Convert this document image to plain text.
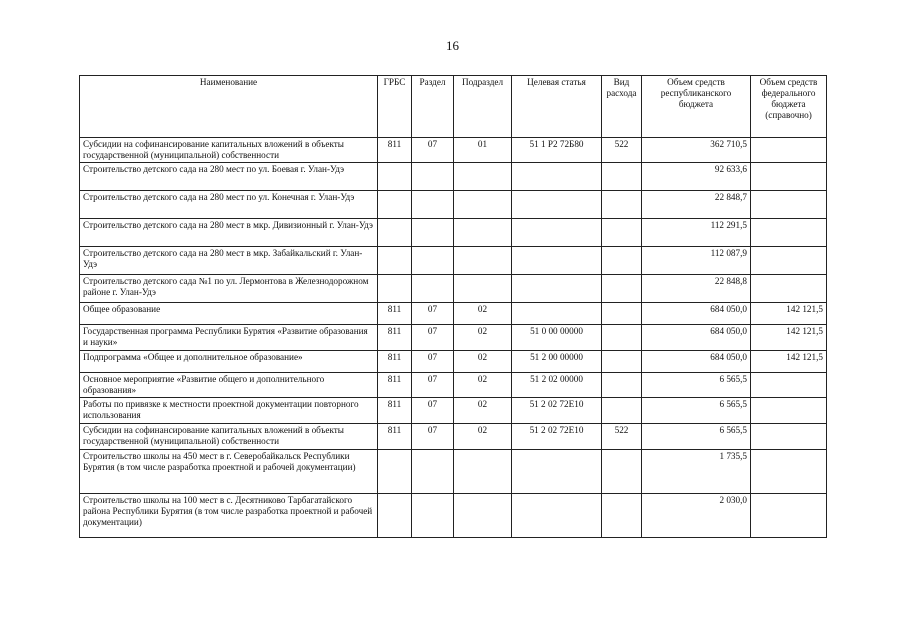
16
Наименование	ГРБС	Раздел	Подраздел	Целевая статья	Вид расхода	Объем средств республиканского бюджета	Объем средств федерального бюджета (справочно)
Субсидии на софинансирование капитальных вложений в объекты государственной (муниципальной) собственности	811	07	01	51 1 Р2 72Б80	522	362 710,5	
Строительство детского сада на 280 мест по ул. Боевая г. Улан-Удэ						92 633,6	
Строительство детского сада на 280 мест по ул. Конечная г. Улан-Удэ						22 848,7	
Строительство детского сада на 280 мест в мкр. Дивизионный г. Улан-Удэ						112 291,5	
Строительство детского сада на 280 мест в мкр. Забайкальский г. Улан-Удэ						112 087,9	
Строительство детского сада №1 по ул. Лермонтова в Железнодорожном районе г. Улан-Удэ						22 848,8	
Общее образование	811	07	02			684 050,0	142 121,5
Государственная программа Республики Бурятия «Развитие образования и науки»	811	07	02	51 0 00 00000		684 050,0	142 121,5
Подпрограмма «Общее и дополнительное образование»	811	07	02	51 2 00 00000		684 050,0	142 121,5
Основное мероприятие «Развитие общего и дополнительного образования»	811	07	02	51 2 02 00000		6 565,5	
Работы по привязке к местности проектной документации повторного использования	811	07	02	51 2 02 72Е10		6 565,5	
Субсидии на софинансирование капитальных вложений в объекты государственной (муниципальной) собственности	811	07	02	51 2 02 72Е10	522	6 565,5	
Строительство школы на 450 мест в г. Северобайкальск Республики Бурятия (в том числе разработка проектной и рабочей документации)						1 735,5	
Строительство школы на 100 мест в с. Десятниково Тарбагатайского района Республики Бурятия (в том числе разработка проектной и рабочей документации)						2 030,0	
